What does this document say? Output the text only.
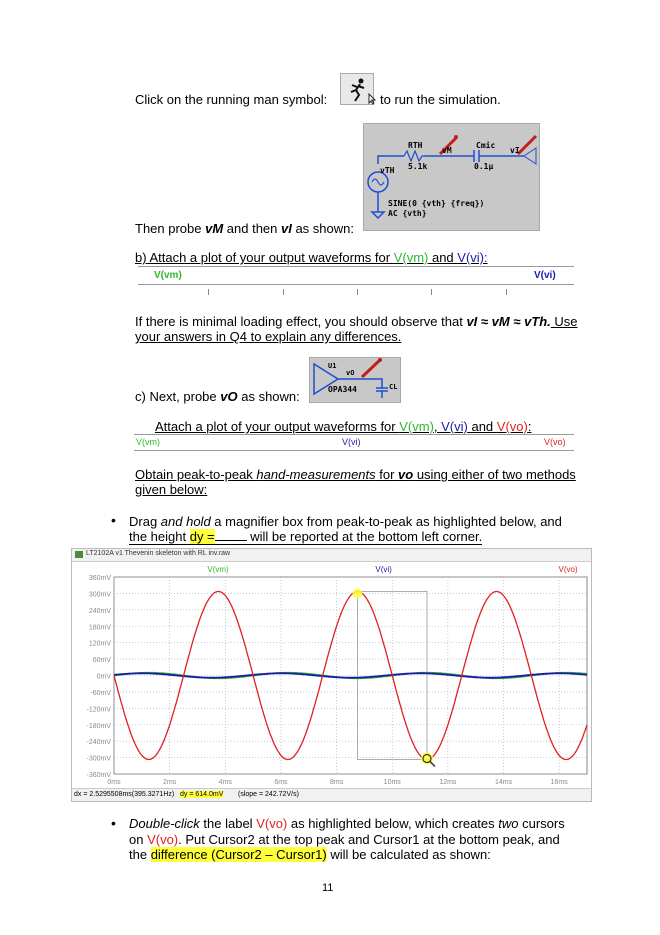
Click on the running man symbol:	to run the simulation.
RTH
5.1k
vM
Cmic
0.1µ
vI
vTH
SINE(0 {vth} {freq})
AC {vth}
Then probe vM and then vI as shown:
b) Attach a plot of your output waveforms for V(vm) and V(vi):
V(vm)	V(vi)
If there is minimal loading effect, you should observe that vI ≈ vM ≈ vTh. Use
your answers in Q4 to explain any differences.
U1
vO
OPA344	CL
c) Next, probe vO as shown:
Attach a plot of your output waveforms for V(vm), V(vi) and V(vo):
V(vm)	V(vi)	V(vo)
Obtain peak-to-peak hand-measurements for vo using either of two methods
given below:
• Drag and hold a magnifier box from peak-to-peak as highlighted below, and
the height dy = will be reported at the bottom left corner.
LT2102A v1 Thevenin skeleton with RL inv.raw
360mV
300mV
240mV
180mV
120mV
60mV
0mV
-60mV
-120mV
-180mV
-240mV
-300mV
-360mV
0ms	2ms	4ms	6ms	8ms	10ms	12ms	14ms	16ms
V(vm)	V(vi)	V(vo)
dx = 2.5295508ms(395.3271Hz) dy = 614.0mV (slope = 242.72V/s)
• Double-click the label V(vo) as highlighted below, which creates two cursors
on V(vo). Put Cursor2 at the top peak and Cursor1 at the bottom peak, and
the difference (Cursor2 – Cursor1) will be calculated as shown:
11
